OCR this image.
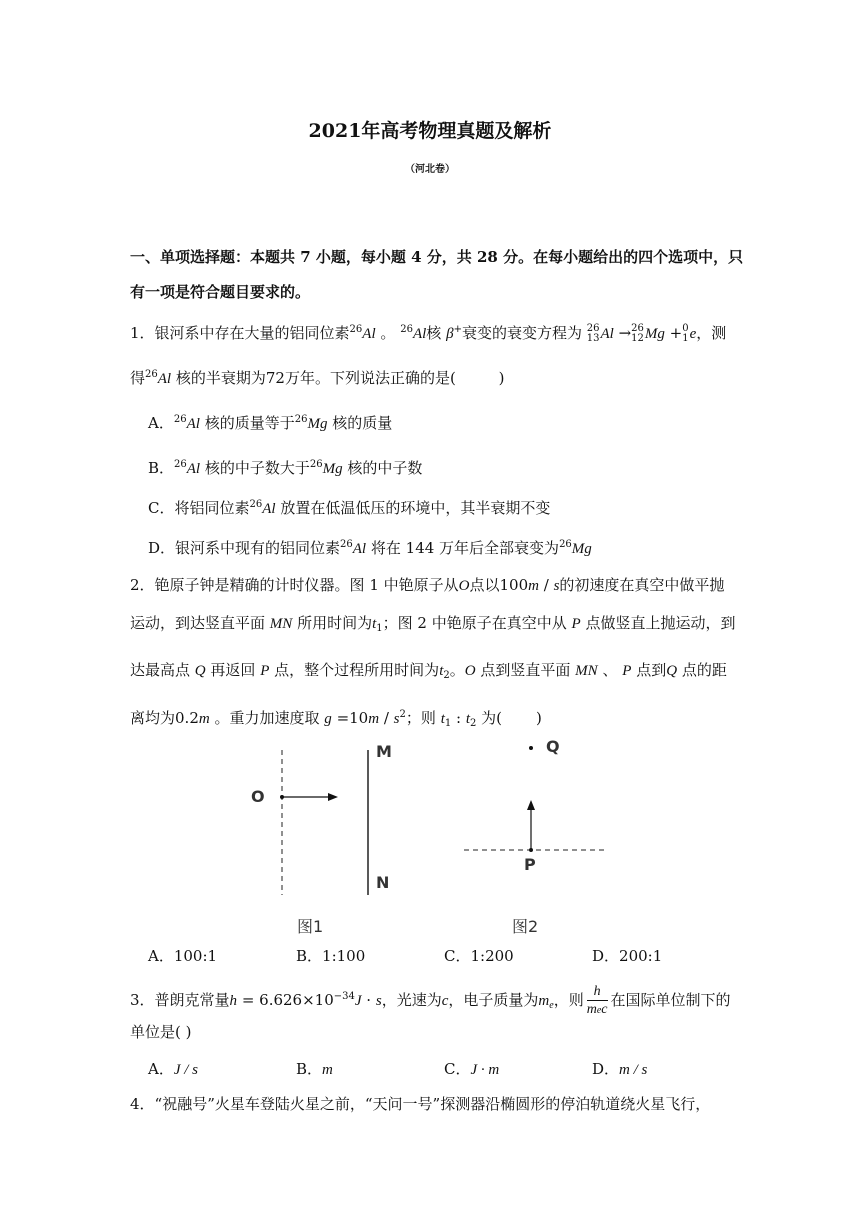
2021年高考物理真题及解析
（河北卷）
一、单项选择题：本题共 7 小题，每小题 4 分，共 28 分。在每小题给出的四个选项中，只
有一项是符合题目要求的。
1．银河系中存在大量的铝同位素$^{26}$Al 。 $^{26}$Al核 β+衰变的衰变方程为 26
13Al →26
12Mg +0
1e，测
得$^{26}$Al 核的半衰期为72万年。下列说法正确的是(	)
A．$^{26}$Al 核的质量等于$^{26}$Mg 核的质量
B．$^{26}$Al 核的中子数大于$^{26}$Mg 核的中子数
C．将铝同位素$^{26}$Al 放置在低温低压的环境中，其半衰期不变
D．银河系中现有的铝同位素$^{26}$Al 将在 144 万年后全部衰变为$^{26}$Mg
2．铯原子钟是精确的计时仪器。图 1 中铯原子从O点以100m / s的初速度在真空中做平抛
运动，到达竖直平面 MN 所用时间为$t_1$；图 2 中铯原子在真空中从 P 点做竖直上抛运动，到
达最高点 Q 再返回 P 点，整个过程所用时间为$t_2$。O 点到竖直平面 MN 、 P 点到Q 点的距
离均为0.2m 。重力加速度取 $g =10m / s^2$；则 $t_1$ : $t_2$ 为( )
O
M
N
图1
Q
P
图2
A．100:1	B．1:100	C．1:200	D．200:1
3．普朗克常量$h = 6.626\times 10^{-34}J \cdot s$，光速为c，电子质量为$m_e$，则 $\frac{h}{\text{mec}}$ 在国际单位制下的
单位是( )
A．J / s	B．m	C．J · m	D．m / s
4．“祝融号”火星车登陆火星之前，“天问一号”探测器沿椭圆形的停泊轨道绕火星飞行，
